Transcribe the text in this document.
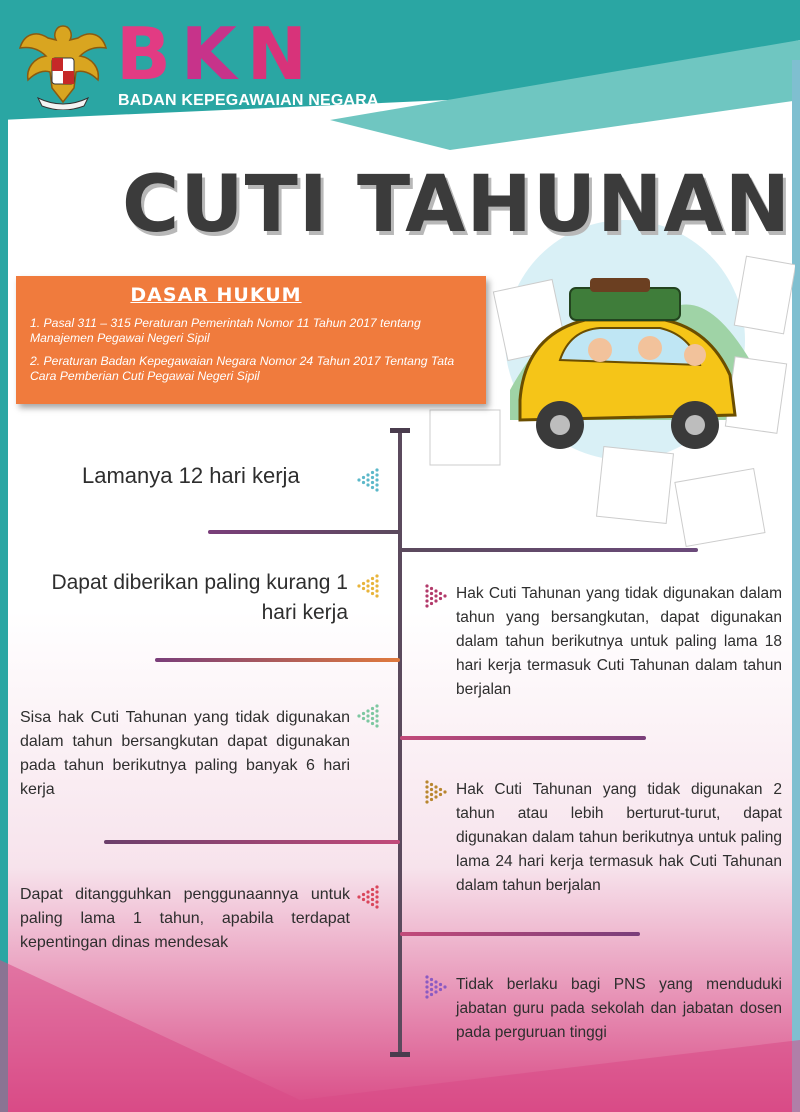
B K N
BADAN KEPEGAWAIAN NEGARA
CUTI TAHUNAN
DASAR HUKUM
1. Pasal 311 – 315 Peraturan Pemerintah Nomor 11 Tahun 2017 tentang Manajemen Pegawai Negeri Sipil
2. Peraturan Badan Kepegawaian Negara Nomor 24 Tahun 2017 Tentang Tata Cara Pemberian Cuti Pegawai Negeri Sipil
Lamanya 12 hari kerja
Dapat diberikan paling kurang 1 hari kerja
Sisa hak Cuti Tahunan yang tidak digunakan dalam tahun bersangkutan dapat digunakan pada tahun berikutnya paling banyak 6 hari kerja
Dapat ditangguhkan penggunaannya untuk paling lama 1 tahun, apabila terdapat kepentingan dinas mendesak
Hak Cuti Tahunan yang tidak digunakan dalam tahun yang bersangkutan, dapat digunakan dalam tahun berikutnya untuk paling lama 18 hari kerja termasuk Cuti Tahunan dalam tahun berjalan
Hak Cuti Tahunan yang tidak digunakan 2 tahun atau lebih berturut-turut, dapat digunakan dalam tahun berikutnya untuk paling lama 24 hari kerja termasuk hak Cuti Tahunan dalam tahun berjalan
Tidak berlaku bagi PNS yang menduduki jabatan guru pada sekolah dan jabatan dosen pada perguruan tinggi
